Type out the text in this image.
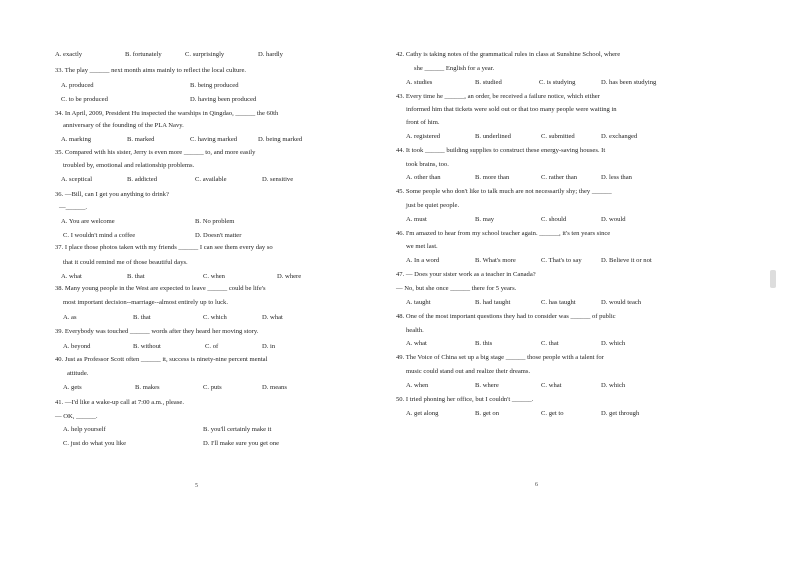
5
A. exactly	B. fortunately	C. surprisingly	D. hardly
33. The play ______ next month aims mainly to reflect the local culture.
A. produced	B. being produced
C. to be produced	D. having been produced
34. In April, 2009, President Hu inspected the warships in Qingdao, ______ the 60th
anniversary of the founding of the PLA Navy.
A. marking	B. marked	C. having marked	D. being marked
35. Compared with his sister, Jerry is even more ______ to, and more easily
troubled by, emotional and relationship problems.
A. sceptical	B. addicted	C. available	D. sensitive
36. —Bill, can I get you anything to drink?
—______.
A. You are welcome	B. No problem
C. I wouldn't mind a coffee	D. Doesn't matter
37. I place those photos taken with my friends ______ I can see them every day so
that it could remind me of those beautiful days.
A. what	B. that	C. when	D. where
38. Many young people in the West are expected to leave ______ could be life's
most important decision--marriage--almost entirely up to luck.
A. as	B. that	C. which	D. what
39. Everybody was touched ______ words after they heard her moving story.
A. beyond	B. without	C. of	D. in
40. Just as Professor Scott often ______ it, success is ninety-nine percent mental
attitude.
A. gets	B. makes	C. puts	D. means
41. —I'd like a wake-up call at 7:00 a.m., please.
— OK, ______.
A. help yourself	B. you'll certainly make it
C. just do what you like	D. I'll make sure you get one
6
42. Cathy is taking notes of the grammatical rules in class at Sunshine School, where
she ______ English for a year.
A. studies	B. studied	C. is studying	D. has been studying
43. Every time he ______, an order, be received a failure notice, which either
informed him that tickets were sold out or that too many people were waiting in
front of him.
A. registered	B. underlined	C. submitted	D. exchanged
44. It took ______ building supplies to construct these energy-saving houses. It
took brains, too.
A. other than	B. more than	C. rather than	D. less than
45. Some people who don't like to talk much are not necessarily shy; they ______
just be quiet people.
A. must	B. may	C. should	D. would
46. I'm amazed to hear from my school teacher again. ______, it's ten years since
we met last.
A. In a word	B. What's more	C. That's to say	D. Believe it or not
47. — Does your sister work as a teacher in Canada?
— No, but she once ______ there for 5 years.
A. taught	B. had taught	C. has taught	D. would teach
48. One of the most important questions they had to consider was ______ of public
health.
A. what	B. this	C. that	D. which
49. The Voice of China set up a big stage ______ those people with a talent for
music could stand out and realize their dreams.
A. when	B. where	C. what	D. which
50. I tried phoning her office, but I couldn't ______.
A. get along	B. get on	C. get to	D. get through
